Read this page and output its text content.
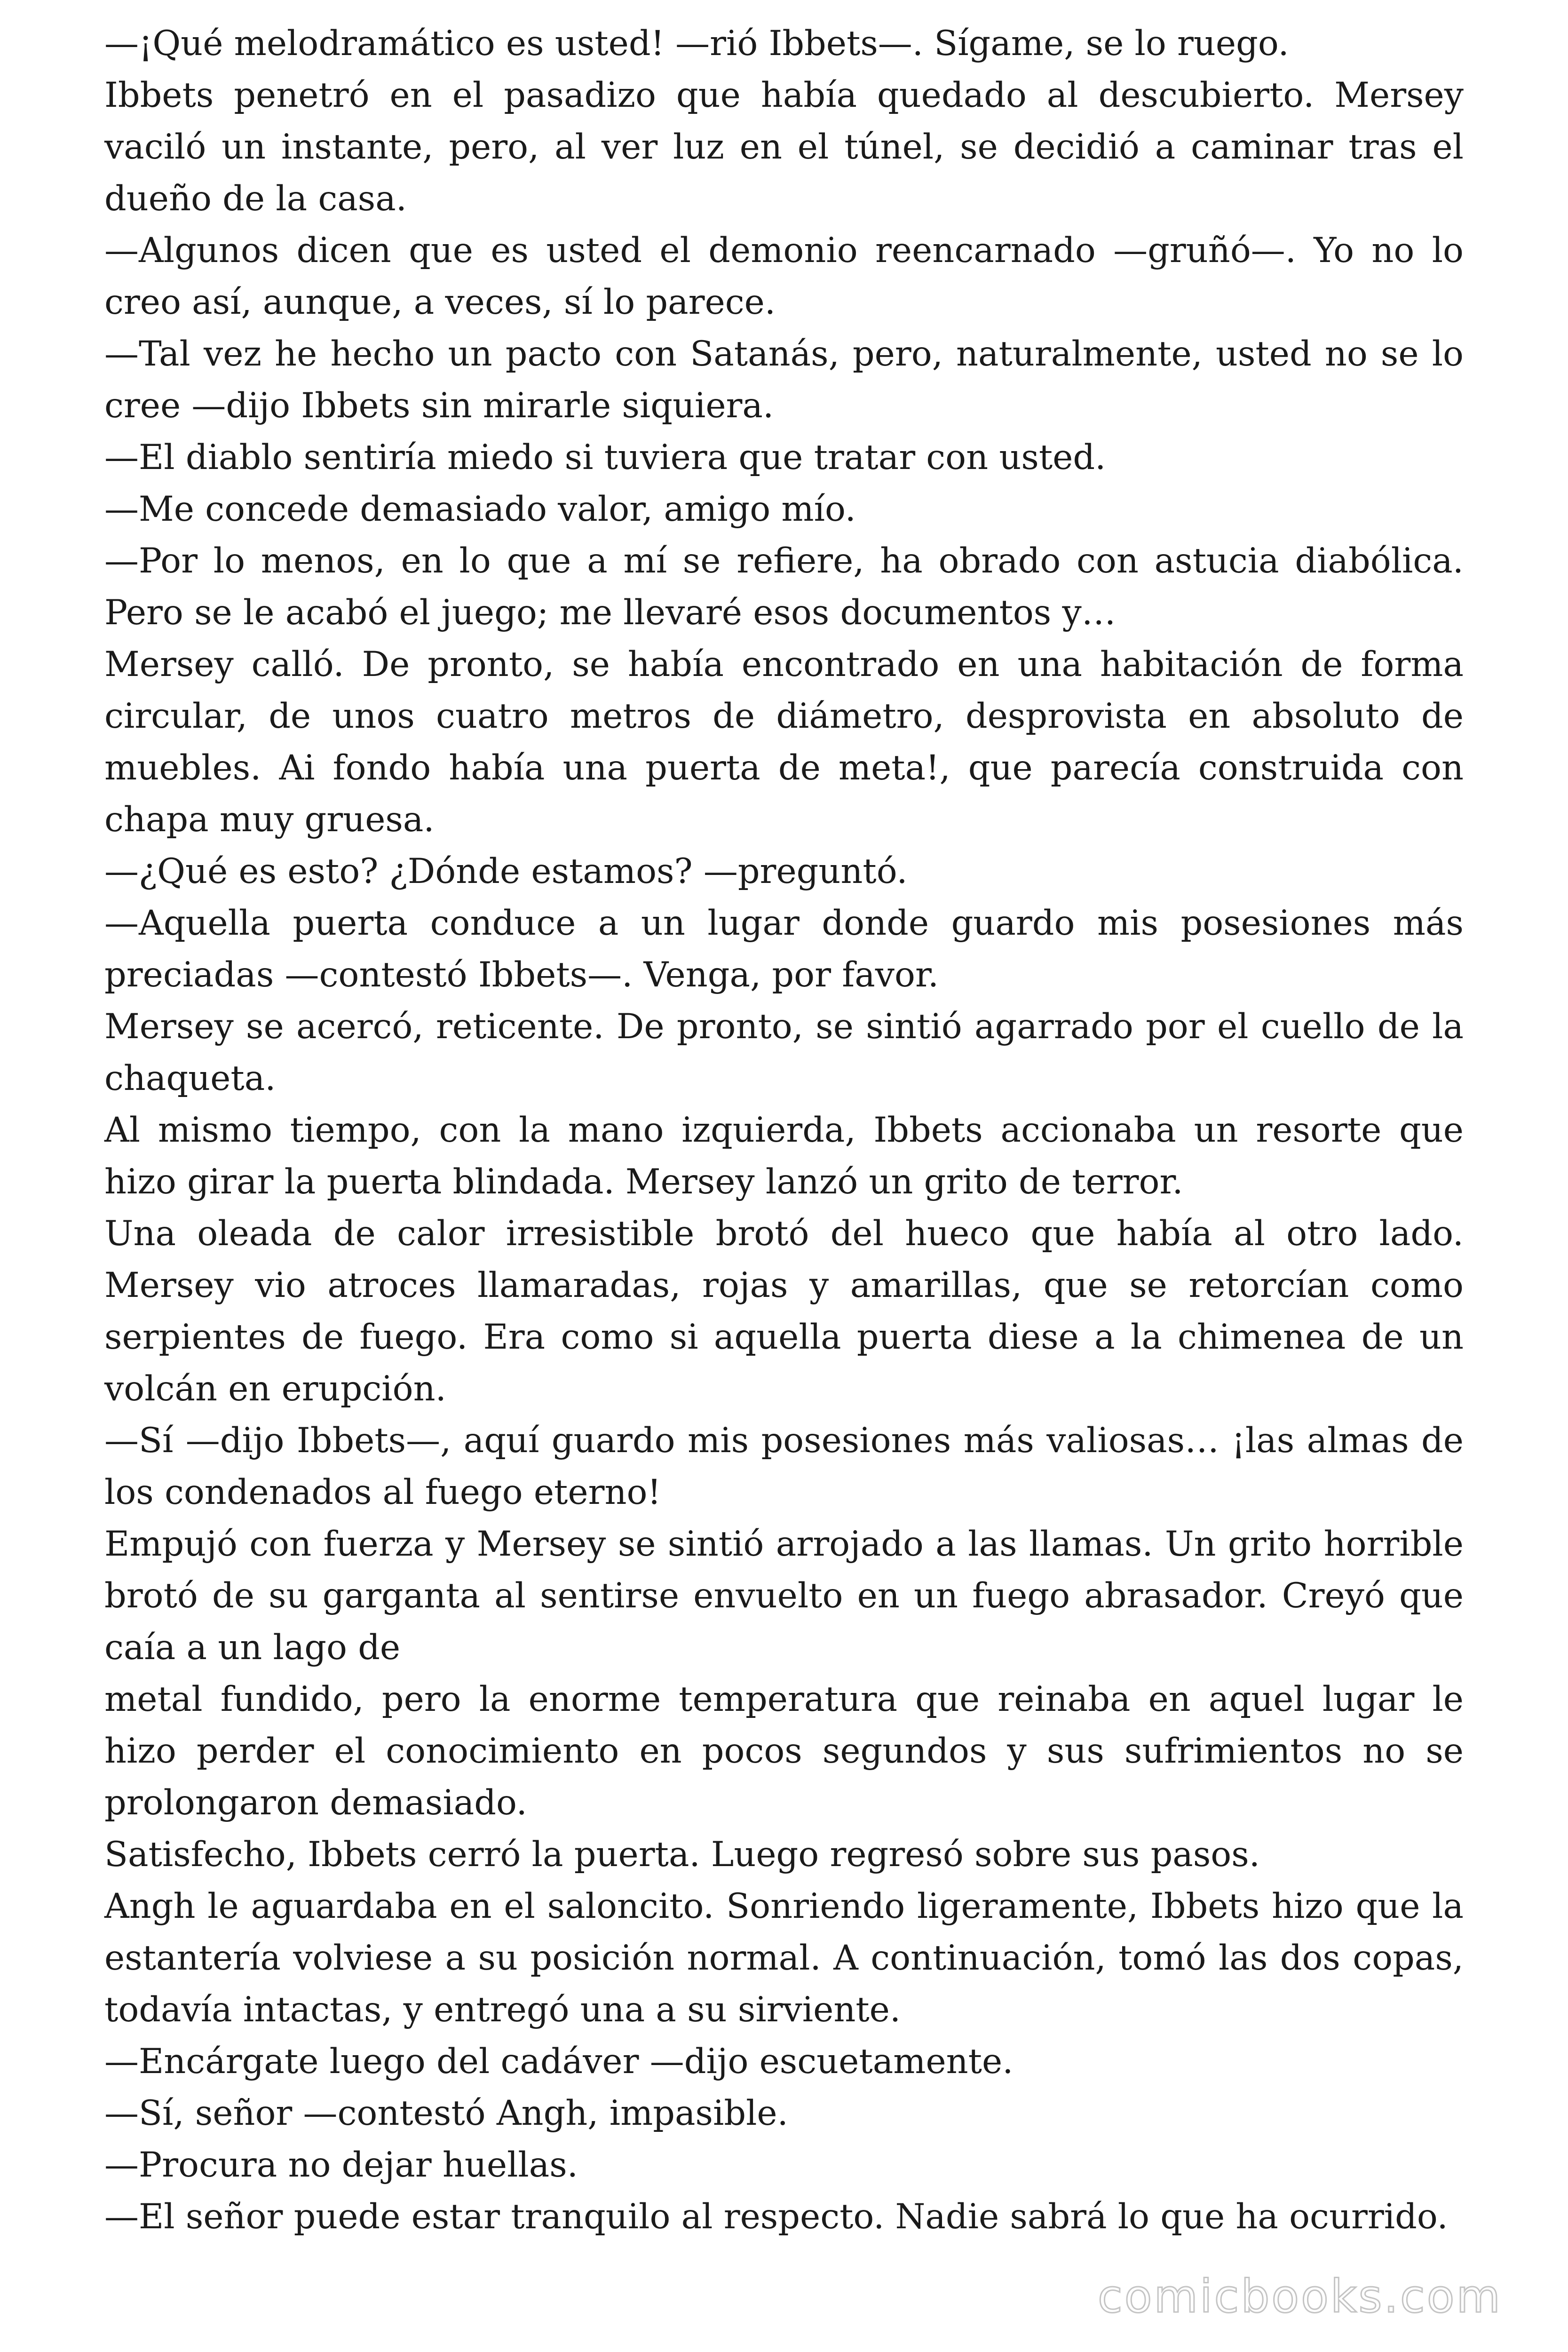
—¡Qué melodramático es usted! —rió Ibbets—. Sígame, se lo ruego.

Ibbets penetró en el pasadizo que había quedado al descubierto. Mersey vaciló un instante, pero, al ver luz en el túnel, se decidió a caminar tras el dueño de la casa.

—Algunos dicen que es usted el demonio reencarnado —gruñó—. Yo no lo creo así, aunque, a veces, sí lo parece.

—Tal vez he hecho un pacto con Satanás, pero, naturalmente, usted no se lo cree —dijo Ibbets sin mirarle siquiera.

—El diablo sentiría miedo si tuviera que tratar con usted.

—Me concede demasiado valor, amigo mío.

—Por lo menos, en lo que a mí se refiere, ha obrado con astucia diabólica. Pero se le acabó el juego; me llevaré esos documentos y…

Mersey calló. De pronto, se había encontrado en una habitación de forma circular, de unos cuatro metros de diámetro, desprovista en absoluto de muebles. Ai fondo había una puerta de meta!, que parecía construida con chapa muy gruesa.

—¿Qué es esto? ¿Dónde estamos? —preguntó.

—Aquella puerta conduce a un lugar donde guardo mis posesiones más preciadas —contestó Ibbets—. Venga, por favor.

Mersey se acercó, reticente. De pronto, se sintió agarrado por el cuello de la chaqueta.

Al mismo tiempo, con la mano izquierda, Ibbets accionaba un resorte que hizo girar la puerta blindada. Mersey lanzó un grito de terror.

Una oleada de calor irresistible brotó del hueco que había al otro lado. Mersey vio atroces llamaradas, rojas y amarillas, que se retorcían como serpientes de fuego. Era como si aquella puerta diese a la chimenea de un volcán en erupción.

—Sí —dijo Ibbets—, aquí guardo mis posesiones más valiosas… ¡las almas de los condenados al fuego eterno!

Empujó con fuerza y Mersey se sintió arrojado a las llamas. Un grito horrible brotó de su garganta al sentirse envuelto en un fuego abrasador. Creyó que caía a un lago de

metal fundido, pero la enorme temperatura que reinaba en aquel lugar le hizo perder el conocimiento en pocos segundos y sus sufrimientos no se prolongaron demasiado.

Satisfecho, Ibbets cerró la puerta. Luego regresó sobre sus pasos.

Angh le aguardaba en el saloncito. Sonriendo ligeramente, Ibbets hizo que la estantería volviese a su posición normal. A continuación, tomó las dos copas, todavía intactas, y entregó una a su sirviente.

—Encárgate luego del cadáver —dijo escuetamente.

—Sí, señor —contestó Angh, impasible.

—Procura no dejar huellas.

—El señor puede estar tranquilo al respecto. Nadie sabrá lo que ha ocurrido.

comicbooks.com
